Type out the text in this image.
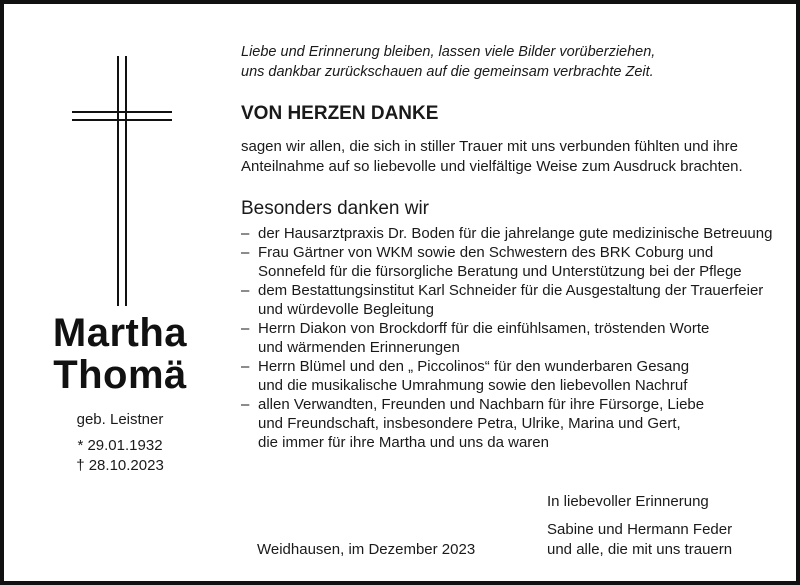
Martha
Thomä
geb. Leistner
* 29.01.1932
† 28.10.2023
Liebe und Erinnerung bleiben, lassen viele Bilder vorüberziehen,
uns dankbar zurückschauen auf die gemeinsam verbrachte Zeit.
VON HERZEN DANKE
sagen wir allen, die sich in stiller Trauer mit uns verbunden fühlten und ihre
Anteilnahme auf so liebevolle und vielfältige Weise zum Ausdruck brachten.
Besonders danken wir
– der Hausarztpraxis Dr. Boden für die jahrelange gute medizinische Betreuung
– Frau Gärtner von WKM sowie den Schwestern des BRK Coburg und
Sonnefeld für die fürsorgliche Beratung und Unterstützung bei der Pflege
– dem Bestattungsinstitut Karl Schneider für die Ausgestaltung der Trauerfeier
und würdevolle Begleitung
– Herrn Diakon von Brockdorff für die einfühlsamen, tröstenden Worte
und wärmenden Erinnerungen
– Herrn Blümel und den „ Piccolinos“ für den wunderbaren Gesang
und die musikalische Umrahmung sowie den liebevollen Nachruf
– allen Verwandten, Freunden und Nachbarn für ihre Fürsorge, Liebe
und Freundschaft, insbesondere Petra, Ulrike, Marina und Gert,
die immer für ihre Martha und uns da waren
Weidhausen, im Dezember 2023
In liebevoller Erinnerung
Sabine und Hermann Feder
und alle, die mit uns trauern
